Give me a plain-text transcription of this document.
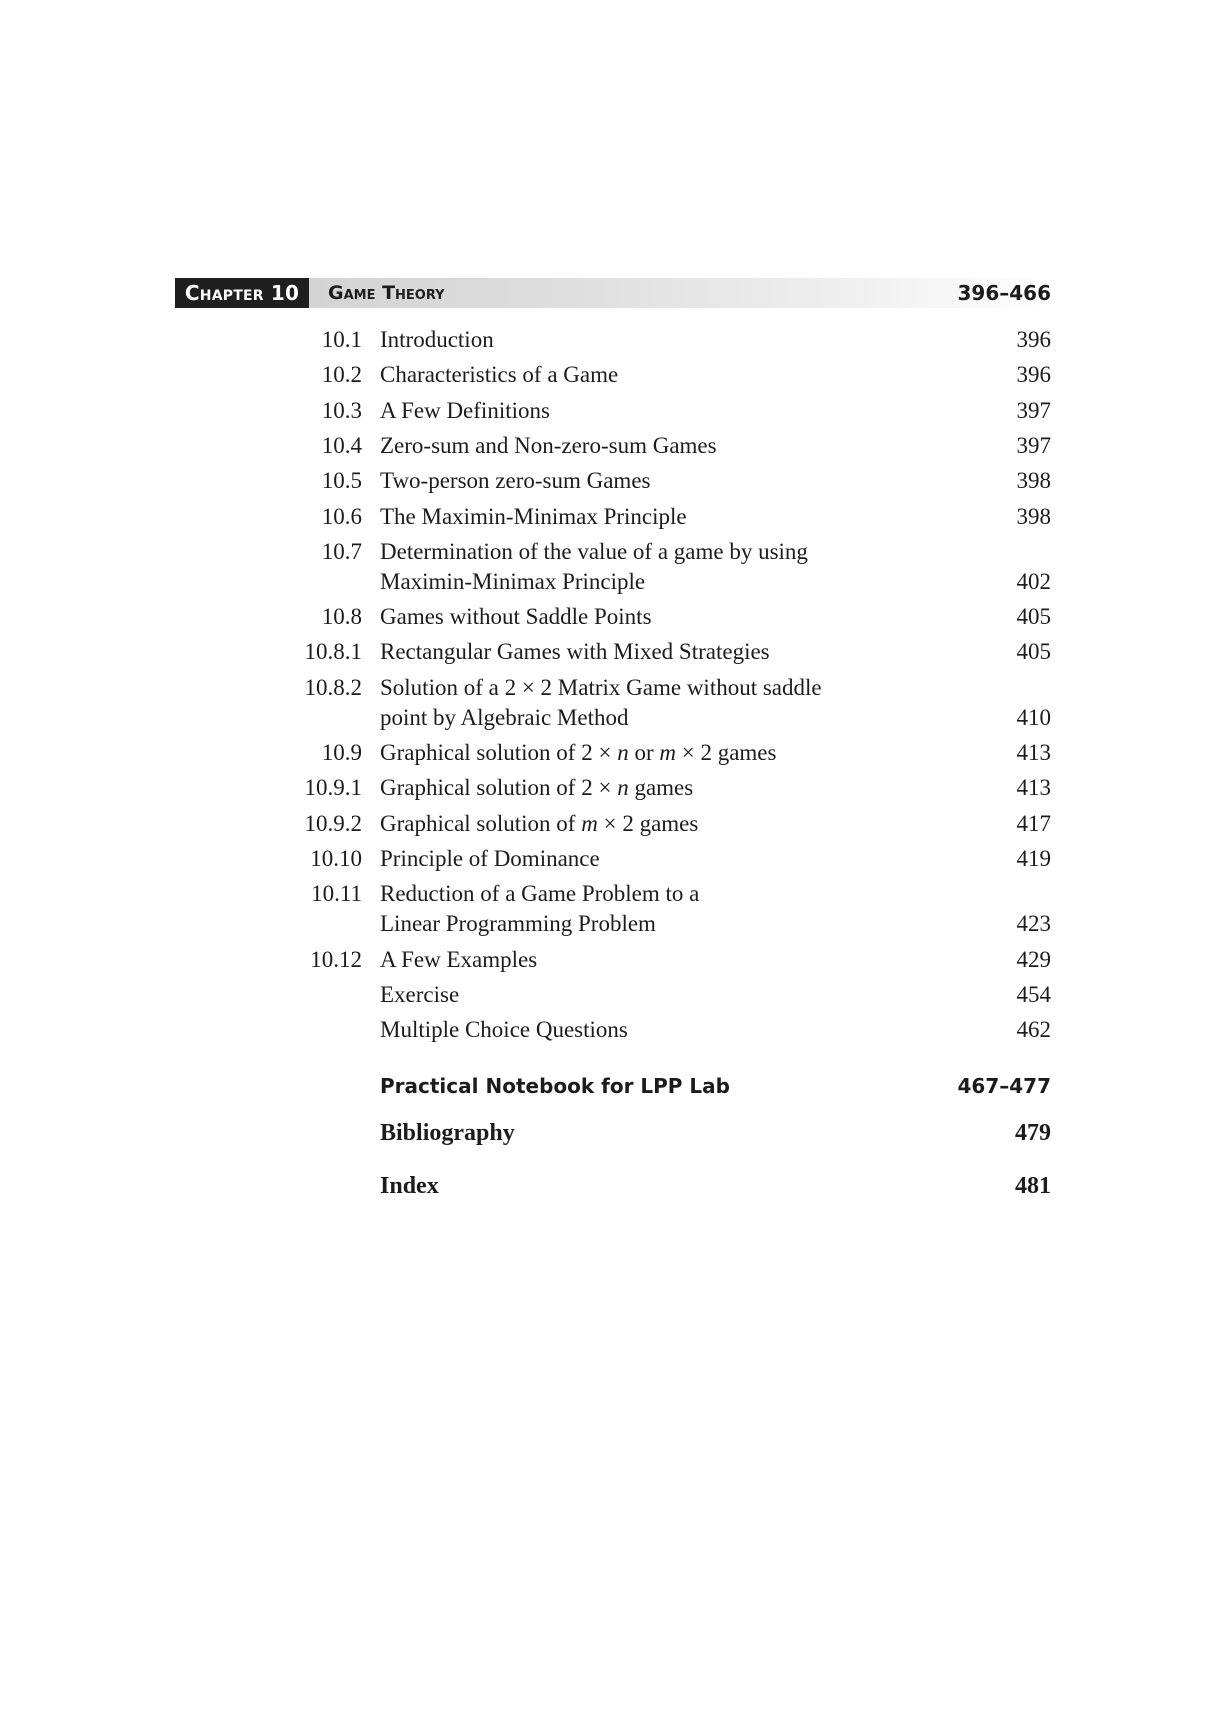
Chapter 10	Game Theory	396–466
10.1 Introduction	396
10.2 Characteristics of a Game	396
10.3 A Few Definitions	397
10.4 Zero-sum and Non-zero-sum Games	397
10.5 Two-person zero-sum Games	398
10.6 The Maximin-Minimax Principle	398
10.7 Determination of the value of a game by using
Maximin-Minimax Principle	402
10.8 Games without Saddle Points	405
10.8.1 Rectangular Games with Mixed Strategies	405
10.8.2 Solution of a 2 × 2 Matrix Game without saddle
point by Algebraic Method	410
10.9 Graphical solution of 2 × n or m × 2 games	413
10.9.1 Graphical solution of 2 × n games	413
10.9.2 Graphical solution of m × 2 games	417
10.10 Principle of Dominance	419
10.11 Reduction of a Game Problem to a
Linear Programming Problem	423
10.12 A Few Examples	429
Exercise	454
Multiple Choice Questions	462
Practical Notebook for LPP Lab	467–477
Bibliography	479
Index	481
